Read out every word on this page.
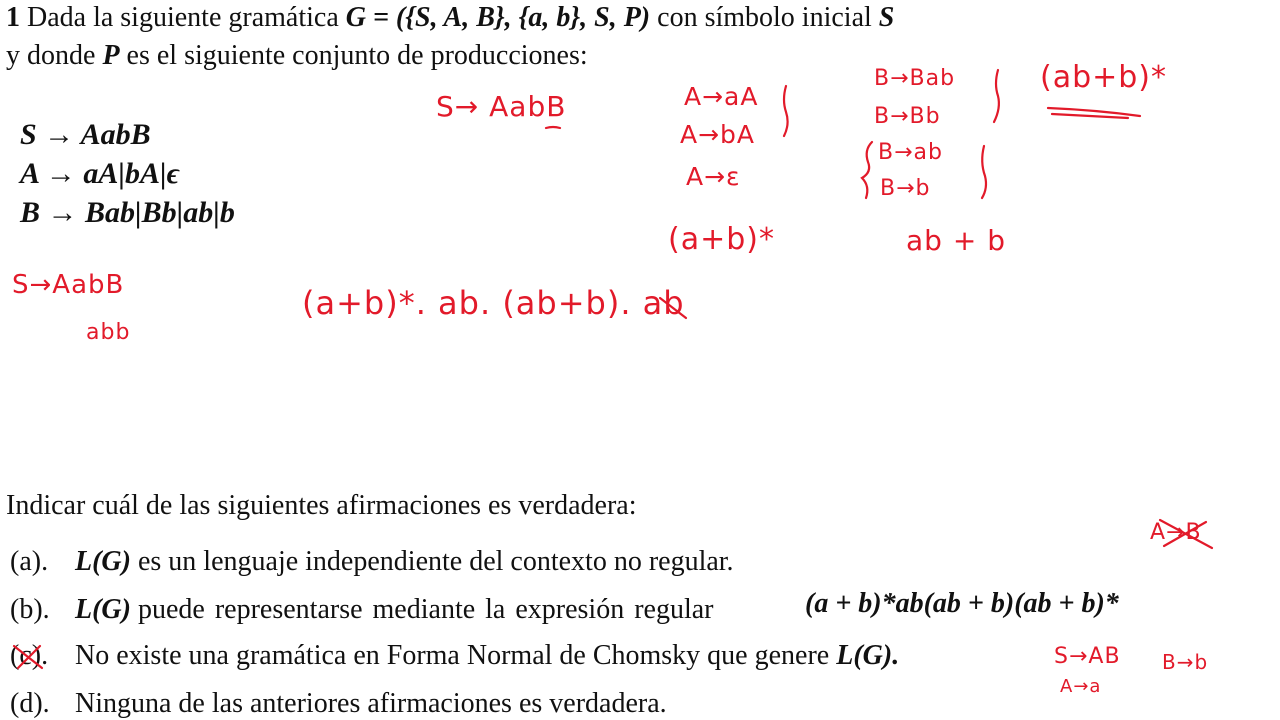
1 Dada la siguiente gramática G = ({S, A, B}, {a, b}, S, P) con símbolo inicial S
y donde P es el siguiente conjunto de producciones:
S → AabB
A → aA|bA|ϵ
B → Bab|Bb|ab|b
Indicar cuál de las siguientes afirmaciones es verdadera:
(a). L(G) es un lenguaje independiente del contexto no regular.
(b). L(G) puede representarse mediante la expresión regular	(a + b)*ab(ab + b)(ab + b)*
(c). No existe una gramática en Forma Normal de Chomsky que genere L(G).
(d). Ninguna de las anteriores afirmaciones es verdadera.
S→ AabB	A→aA
A→bA
A→ε
(a+b)*
B→Bab
B→Bb
B→ab
B→b
(ab+b)*
ab + b
S→AabB
abb
(a+b)*. ab. (ab+b). ab
A→B
S→AB B→b
A→a
